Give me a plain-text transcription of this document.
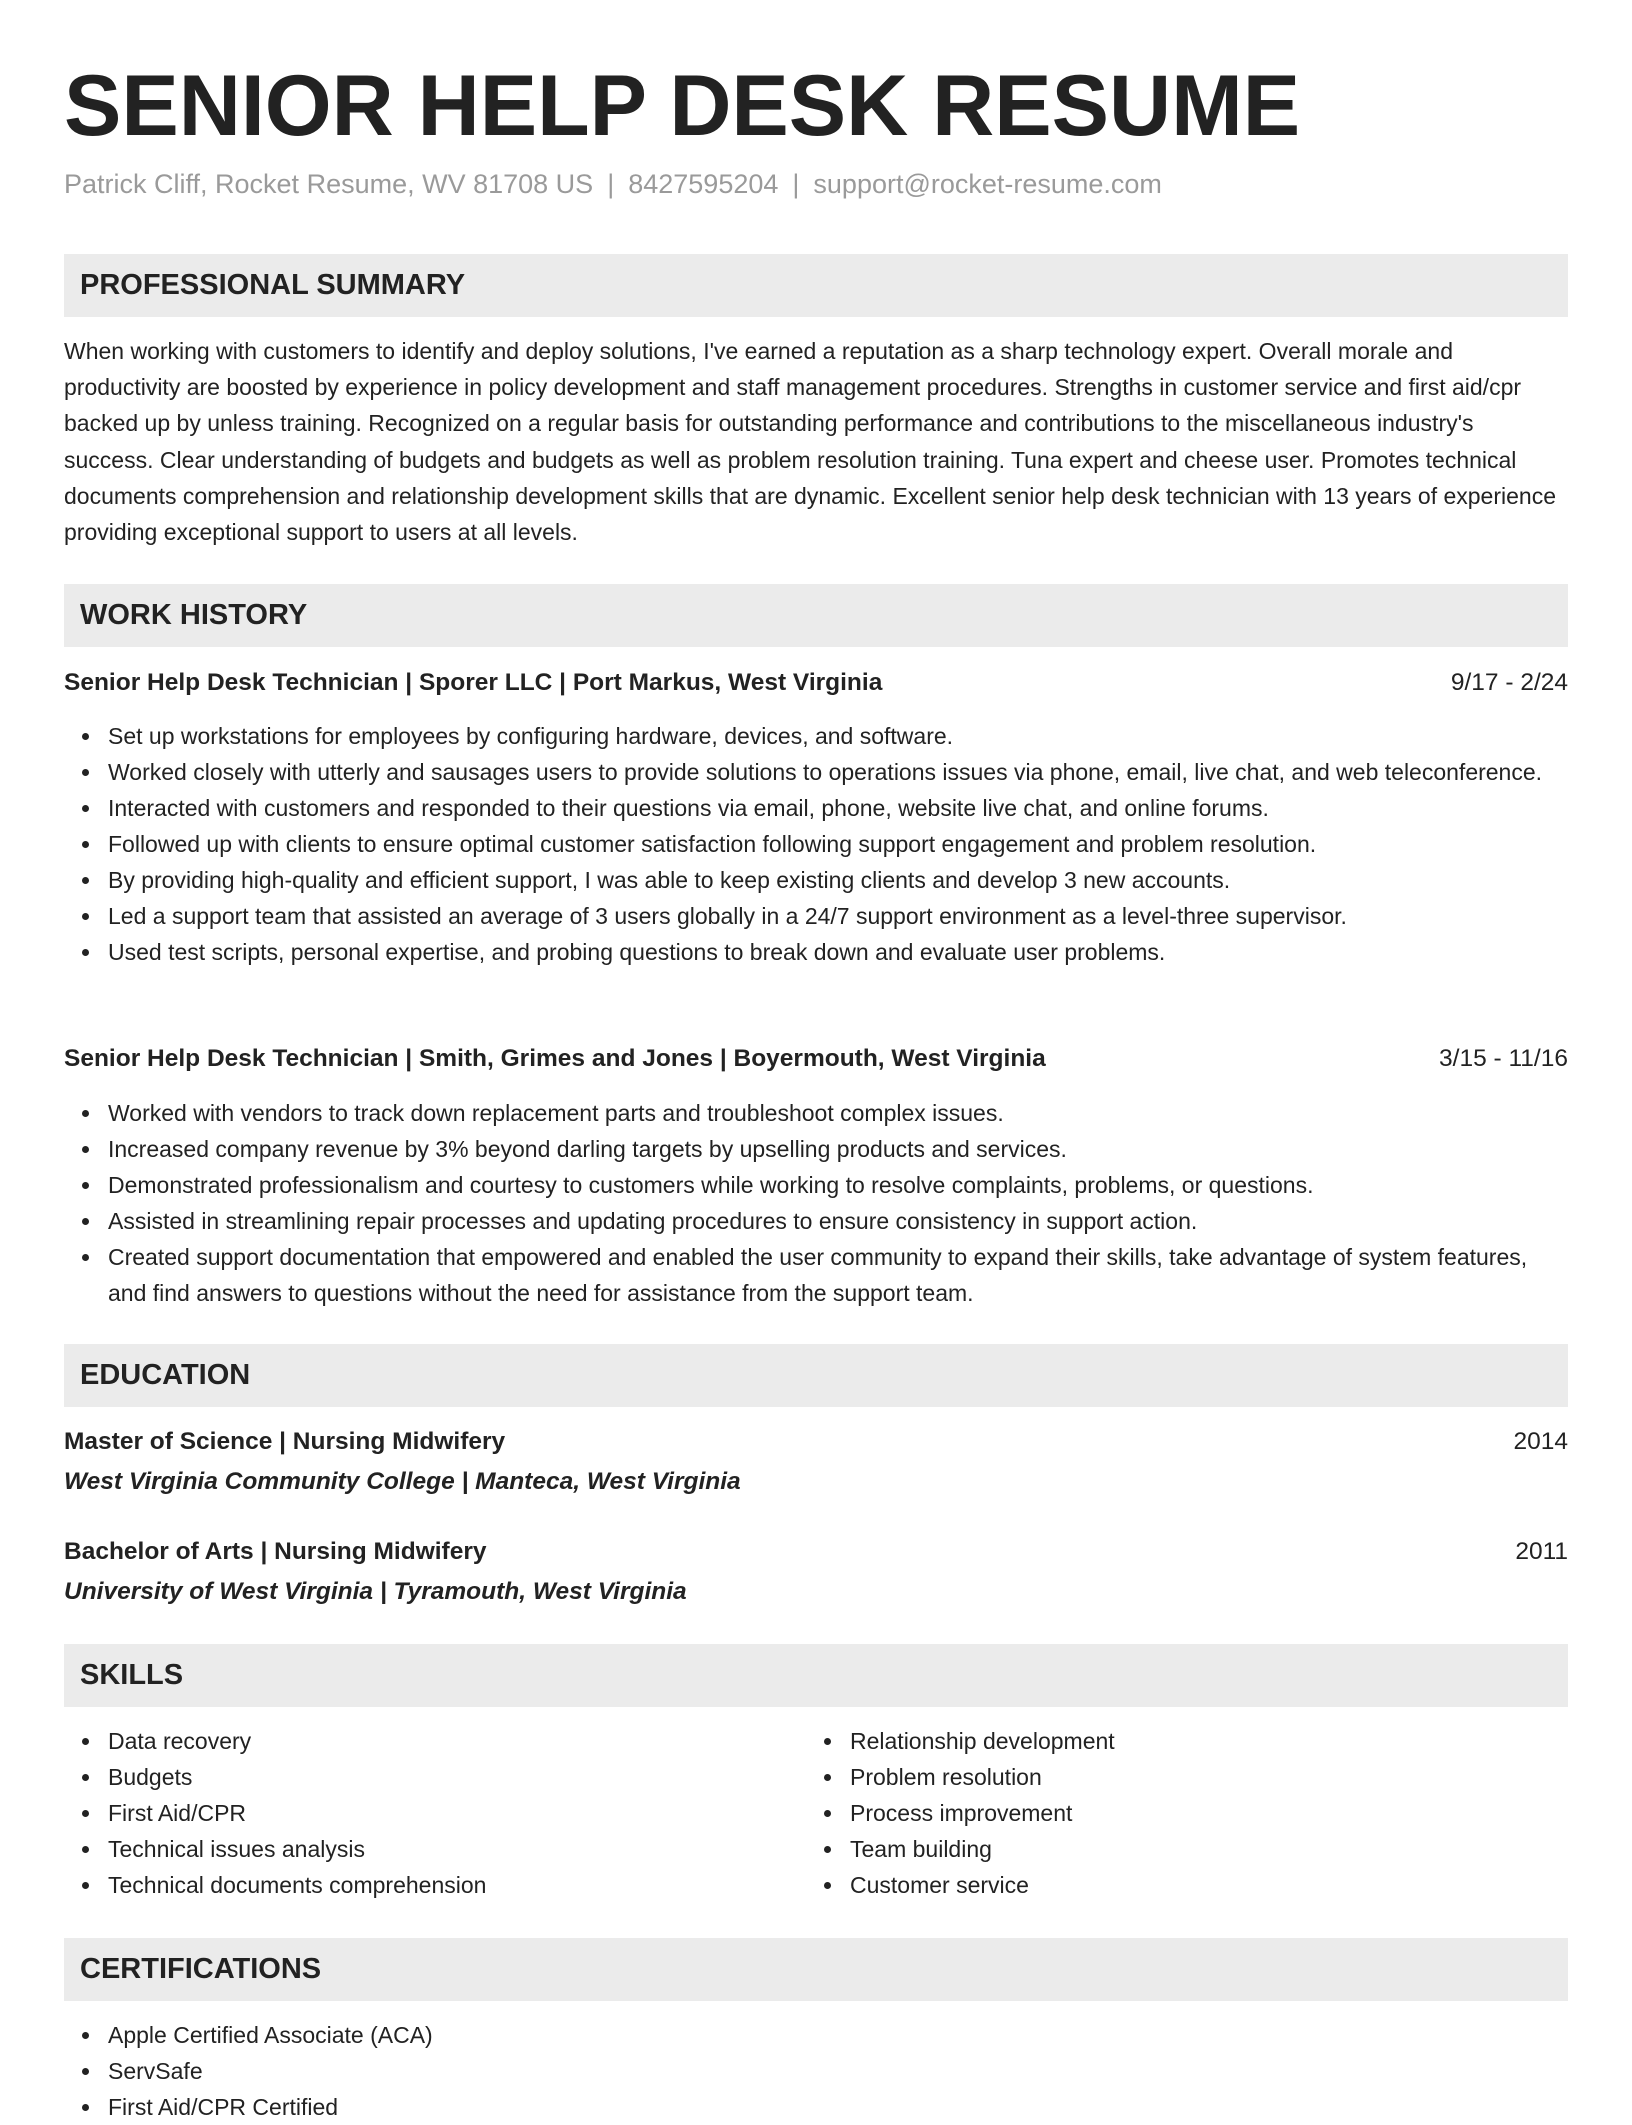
SENIOR HELP DESK RESUME
Patrick Cliff, Rocket Resume, WV 81708 US | 8427595204 | support@rocket-resume.com
PROFESSIONAL SUMMARY

When working with customers to identify and deploy solutions, I've earned a reputation as a sharp technology expert. Overall morale and productivity are boosted by experience in policy development and staff management procedures. Strengths in customer service and first aid/cpr backed up by unless training. Recognized on a regular basis for outstanding performance and contributions to the miscellaneous industry's success. Clear understanding of budgets and budgets as well as problem resolution training. Tuna expert and cheese user. Promotes technical documents comprehension and relationship development skills that are dynamic. Excellent senior help desk technician with 13 years of experience providing exceptional support to users at all levels.

WORK HISTORY
Senior Help Desk Technician | Sporer LLC | Port Markus, West Virginia	9/17 - 2/24
Set up workstations for employees by configuring hardware, devices, and software.
Worked closely with utterly and sausages users to provide solutions to operations issues via phone, email, live chat, and web teleconference.
Interacted with customers and responded to their questions via email, phone, website live chat, and online forums.
Followed up with clients to ensure optimal customer satisfaction following support engagement and problem resolution.
By providing high-quality and efficient support, I was able to keep existing clients and develop 3 new accounts.
Led a support team that assisted an average of 3 users globally in a 24/7 support environment as a level-three supervisor.
Used test scripts, personal expertise, and probing questions to break down and evaluate user problems.
Senior Help Desk Technician | Smith, Grimes and Jones | Boyermouth, West Virginia	3/15 - 11/16
Worked with vendors to track down replacement parts and troubleshoot complex issues.
Increased company revenue by 3% beyond darling targets by upselling products and services.
Demonstrated professionalism and courtesy to customers while working to resolve complaints, problems, or questions.
Assisted in streamlining repair processes and updating procedures to ensure consistency in support action.
Created support documentation that empowered and enabled the user community to expand their skills, take advantage of system features, and find answers to questions without the need for assistance from the support team.
EDUCATION
Master of Science | Nursing Midwifery	2014
West Virginia Community College | Manteca, West Virginia
Bachelor of Arts | Nursing Midwifery	2011
University of West Virginia | Tyramouth, West Virginia
SKILLS
Data recovery
Budgets
First Aid/CPR
Technical issues analysis
Technical documents comprehension
Relationship development
Problem resolution
Process improvement
Team building
Customer service
CERTIFICATIONS
Apple Certified Associate (ACA)
ServSafe
First Aid/CPR Certified
